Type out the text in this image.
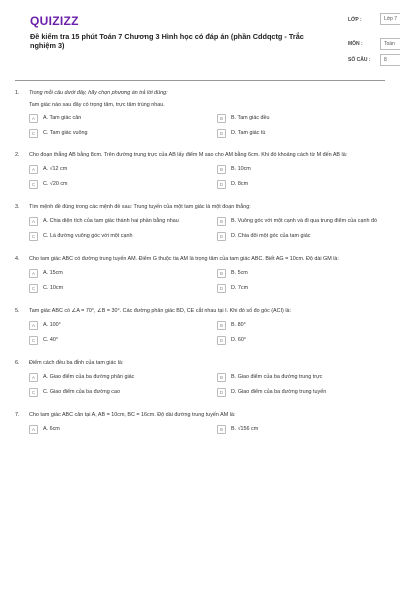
QUIZIZZ
Đề kiểm tra 15 phút Toán 7 Chương 3 Hình học có đáp án (phần Cddqctg - Trắc nghiệm 3)
LỚP :	Lớp 7
MÔN :	Toán
SỐ CÂU :	8
1.	Trong mỗi câu dưới đây, hãy chọn phương án trả lời đúng:
Tam giác nào sau đây có trọng tâm, trực tâm trùng nhau.
A	A. Tam giác cân	B	B. Tam giác đều
C	C. Tam giác vuông	D	D. Tam giác tù
2.	Cho đoạn thẳng AB bằng 8cm. Trên đường trung trực của AB lấy điểm M sao cho AM bằng 6cm. Khi đó khoảng cách từ M đến AB là:
A	A. √12 cm	B	B. 10cm
C	C. √20 cm	D	D. 8cm
3.	Tìm mệnh đề đúng trong các mệnh đề sau: Trung tuyến của một tam giác là một đoạn thẳng:
A	A. Chia diện tích của tam giác thành hai phần bằng nhau	B	B. Vuông góc với một cạnh và đi qua trung điểm của cạnh đó
C	C. Là đường vuông góc với một cạnh	D	D. Chia đôi một góc của tam giác
4.	Cho tam giác ABC có đường trung tuyến AM. Điểm G thuộc tia AM là trọng tâm của tam giác ABC. Biết AG = 10cm. Độ dài GM là:
A	A. 15cm	B	B. 5cm
C	C. 10cm	D	D. 7cm
5.	Tam giác ABC có ∠A = 70°, ∠B = 30°. Các đường phân giác BD, CE cắt nhau tại I. Khi đó số đo góc (ACI) là:
A	A. 100°	B	B. 80°
C	C. 40°	D	D. 60°
6.	Điểm cách đều ba đỉnh của tam giác là:
A	A. Giao điểm của ba đường phân giác	B	B. Giao điểm của ba đường trung trực
C	C. Giao điểm của ba đường cao	D	D. Giao điểm của ba đường trung tuyến
7.	Cho tam giác ABC cân tại A, AB = 10cm, BC = 16cm. Độ dài đường trung tuyến AM là:
A	A. 6cm	B	B. √156 cm
